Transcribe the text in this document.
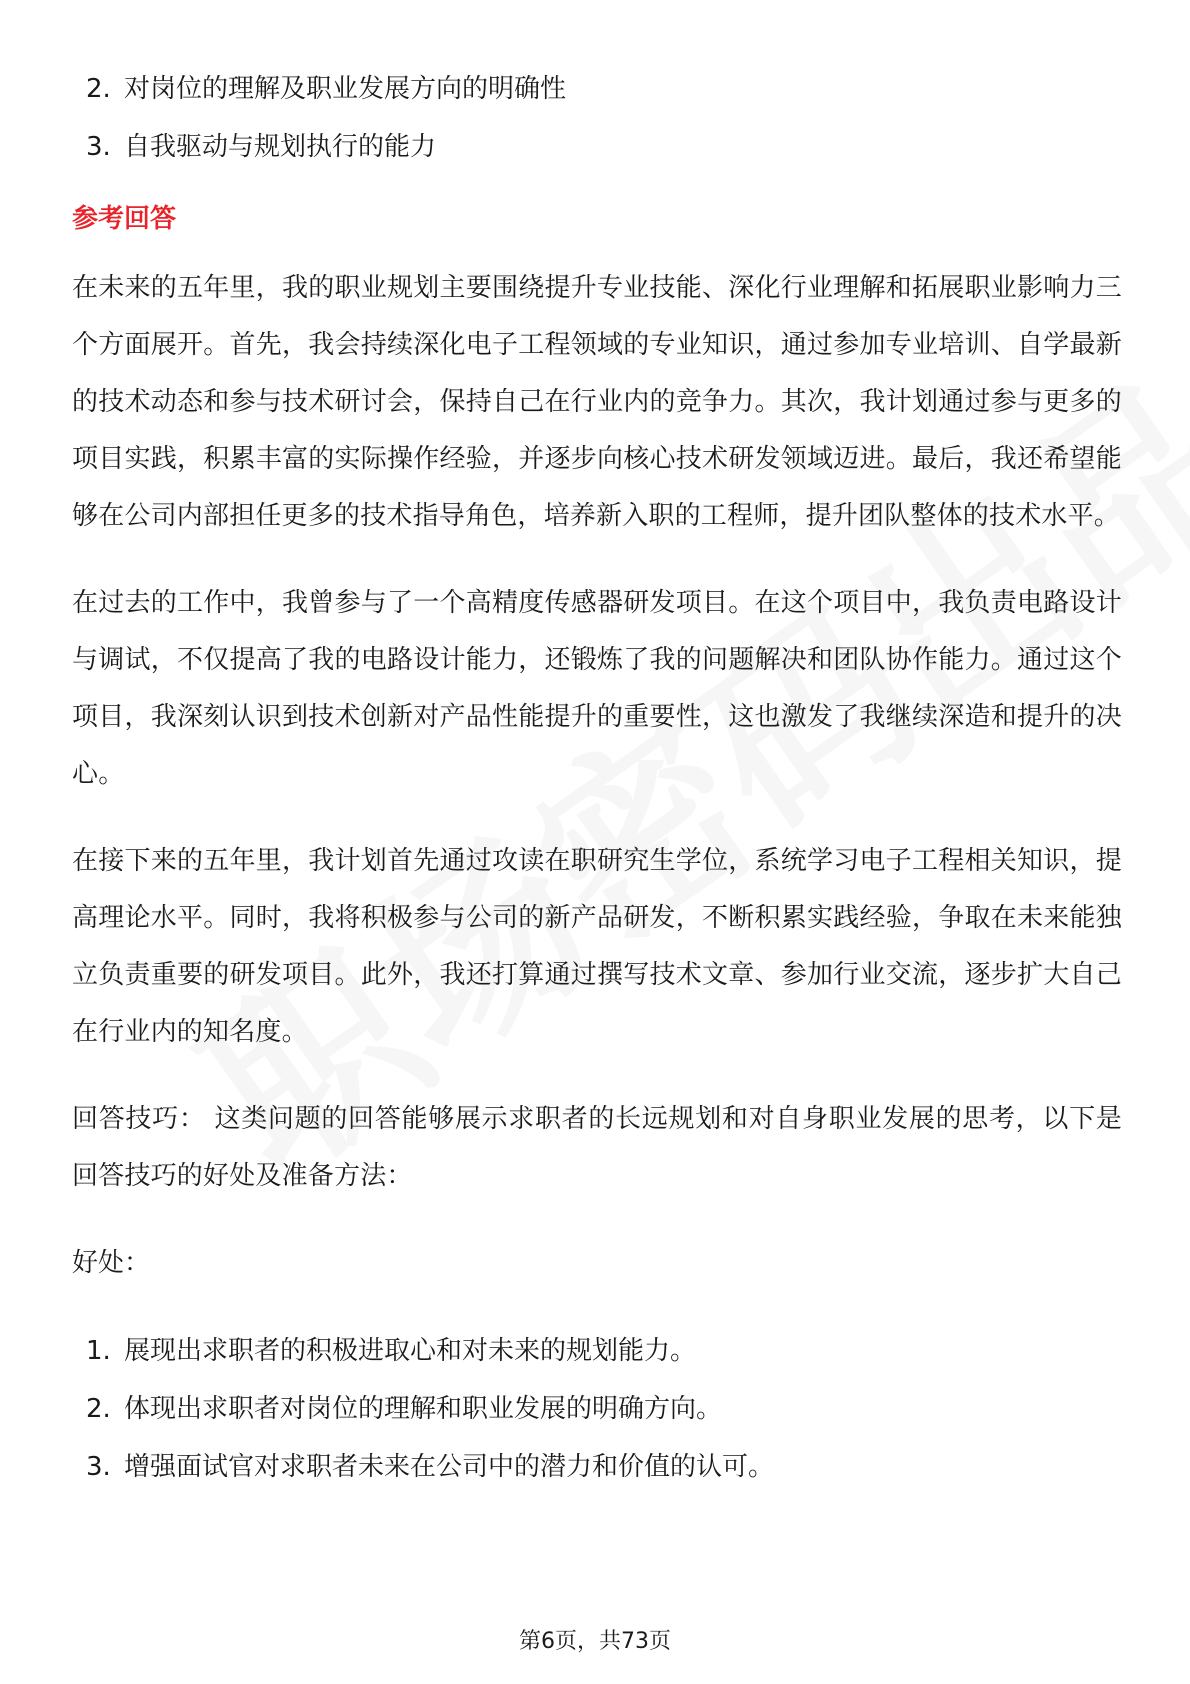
2. 对岗位的理解及职业发展方向的明确性
3. 自我驱动与规划执行的能力
参考回答

在未来的五年里，我的职业规划主要围绕提升专业技能、深化行业理解和拓展职业影响力三个方面展开。首先，我会持续深化电子工程领域的专业知识，通过参加专业培训、自学最新的技术动态和参与技术研讨会，保持自己在行业内的竞争力。其次，我计划通过参与更多的项目实践，积累丰富的实际操作经验，并逐步向核心技术研发领域迈进。最后，我还希望能够在公司内部担任更多的技术指导角色，培养新入职的工程师，提升团队整体的技术水平。

在过去的工作中，我曾参与了一个高精度传感器研发项目。在这个项目中，我负责电路设计与调试，不仅提高了我的电路设计能力，还锻炼了我的问题解决和团队协作能力。通过这个项目，我深刻认识到技术创新对产品性能提升的重要性，这也激发了我继续深造和提升的决心。

在接下来的五年里，我计划首先通过攻读在职研究生学位，系统学习电子工程相关知识，提高理论水平。同时，我将积极参与公司的新产品研发，不断积累实践经验，争取在未来能独立负责重要的研发项目。此外，我还打算通过撰写技术文章、参加行业交流，逐步扩大自己在行业内的知名度。

回答技巧： 这类问题的回答能够展示求职者的长远规划和对自身职业发展的思考，以下是回答技巧的好处及准备方法：

好处：

1. 展现出求职者的积极进取心和对未来的规划能力。
2. 体现出求职者对岗位的理解和职业发展的明确方向。
3. 增强面试官对求职者未来在公司中的潜力和价值的认可。
第6页，共73页
